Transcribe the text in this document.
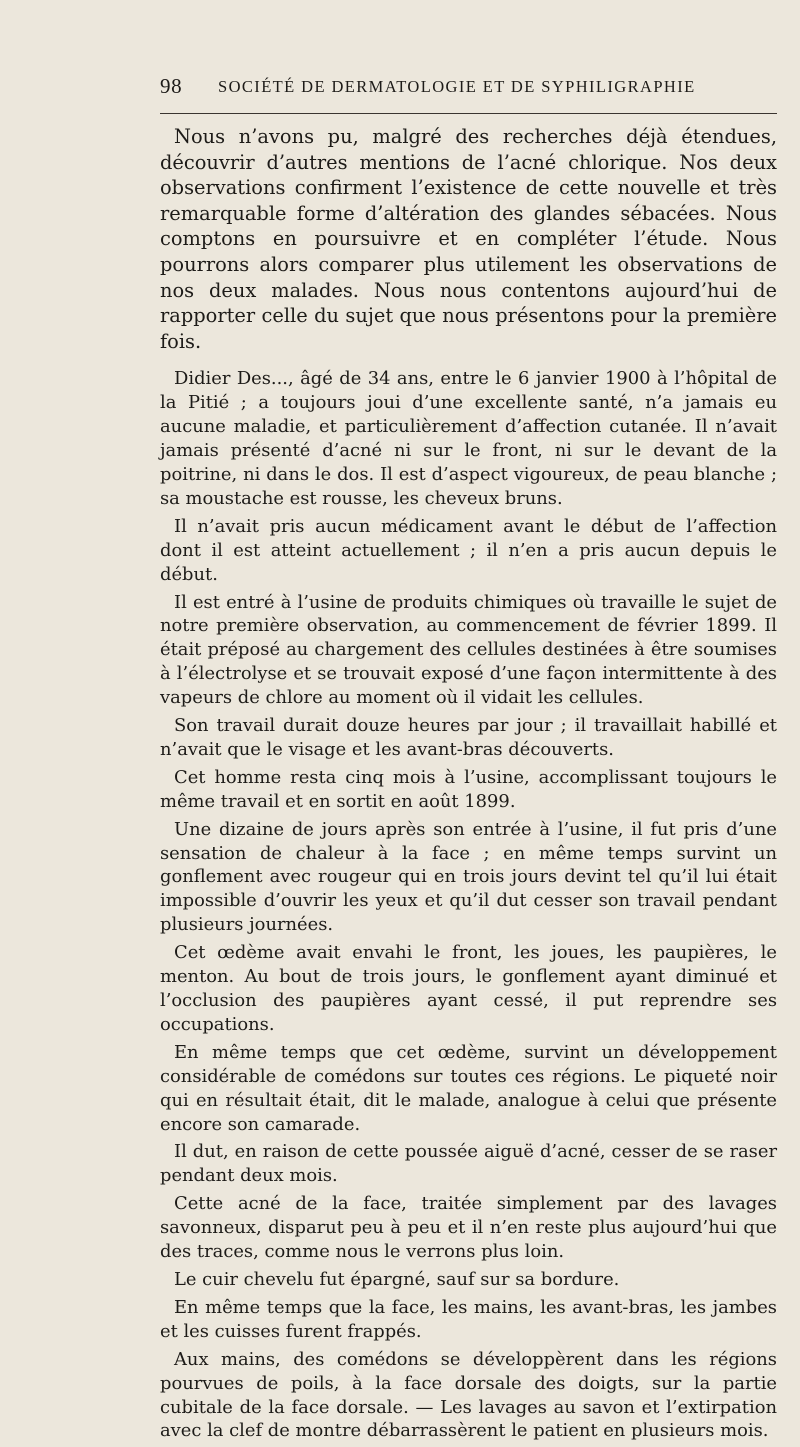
98 SOCIÉTÉ DE DERMATOLOGIE ET DE SYPHILIGRAPHIE

Nous n’avons pu, malgré des recherches déjà étendues, découvrir d’autres mentions de l’acné chlorique. Nos deux observations confirment l’existence de cette nouvelle et très remarquable forme d’altération des glandes sébacées. Nous comptons en poursuivre et en compléter l’étude. Nous pourrons alors comparer plus utilement les observations de nos deux malades. Nous nous contentons aujourd’hui de rapporter celle du sujet que nous présentons pour la première fois.

Didier Des..., âgé de 34 ans, entre le 6 janvier 1900 à l’hôpital de la Pitié ; a toujours joui d’une excellente santé, n’a jamais eu aucune maladie, et particulièrement d’affection cutanée. Il n’avait jamais présenté d’acné ni sur le front, ni sur le devant de la poitrine, ni dans le dos. Il est d’aspect vigoureux, de peau blanche ; sa moustache est rousse, les cheveux bruns.

Il n’avait pris aucun médicament avant le début de l’affection dont il est atteint actuellement ; il n’en a pris aucun depuis le début.

Il est entré à l’usine de produits chimiques où travaille le sujet de notre première observation, au commencement de février 1899. Il était préposé au chargement des cellules destinées à être soumises à l’électrolyse et se trouvait exposé d’une façon intermittente à des vapeurs de chlore au moment où il vidait les cellules.

Son travail durait douze heures par jour ; il travaillait habillé et n’avait que le visage et les avant-bras découverts.

Cet homme resta cinq mois à l’usine, accomplissant toujours le même travail et en sortit en août 1899.

Une dizaine de jours après son entrée à l’usine, il fut pris d’une sensation de chaleur à la face ; en même temps survint un gonflement avec rougeur qui en trois jours devint tel qu’il lui était impossible d’ouvrir les yeux et qu’il dut cesser son travail pendant plusieurs journées.

Cet œdème avait envahi le front, les joues, les paupières, le menton. Au bout de trois jours, le gonflement ayant diminué et l’occlusion des paupières ayant cessé, il put reprendre ses occupations.

En même temps que cet œdème, survint un développement considérable de comédons sur toutes ces régions. Le piqueté noir qui en résultait était, dit le malade, analogue à celui que présente encore son camarade.

Il dut, en raison de cette poussée aiguë d’acné, cesser de se raser pendant deux mois.

Cette acné de la face, traitée simplement par des lavages savonneux, disparut peu à peu et il n’en reste plus aujourd’hui que des traces, comme nous le verrons plus loin.

Le cuir chevelu fut épargné, sauf sur sa bordure.

En même temps que la face, les mains, les avant-bras, les jambes et les cuisses furent frappés.

Aux mains, des comédons se développèrent dans les régions pourvues de poils, à la face dorsale des doigts, sur la partie cubitale de la face dorsale. — Les lavages au savon et l’extirpation avec la clef de montre débarrassèrent le patient en plusieurs mois.
